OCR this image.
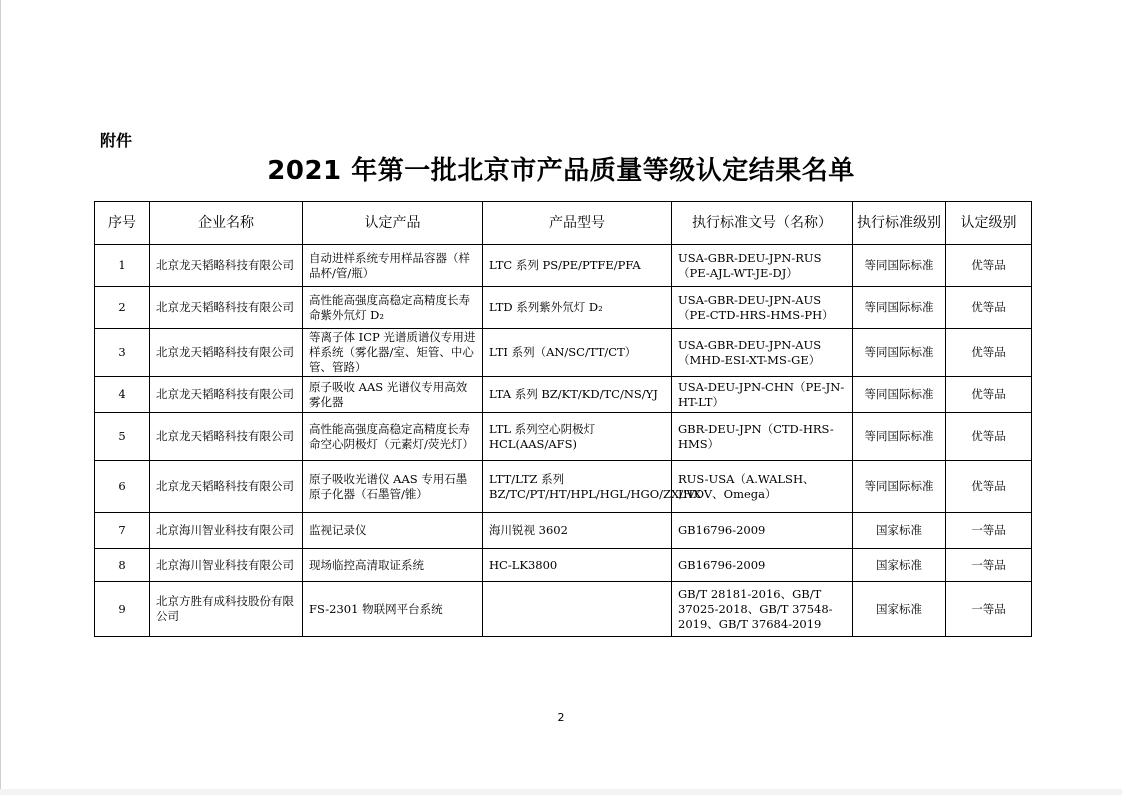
附件
2021 年第一批北京市产品质量等级认定结果名单
序号	企业名称	认定产品	产品型号	执行标准文号（名称）	执行标准级别	认定级别
1	北京龙天韬略科技有限公司	自动进样系统专用样品容器（样品杯/管/瓶）	LTC 系列 PS/PE/PTFE/PFA	USA-GBR-DEU-JPN-RUS（PE-AJL-WT-JE-DJ）	等同国际标准	优等品
2	北京龙天韬略科技有限公司	高性能高强度高稳定高精度长寿命紫外氘灯 D₂	LTD 系列紫外氘灯 D₂	USA-GBR-DEU-JPN-AUS（PE-CTD-HRS-HMS-PH）	等同国际标准	优等品
3	北京龙天韬略科技有限公司	等离子体 ICP 光谱质谱仪专用进样系统（雾化器/室、矩管、中心管、管路）	LTI 系列（AN/SC/TT/CT）	USA-GBR-DEU-JPN-AUS（MHD-ESI-XT-MS-GE）	等同国际标准	优等品
4	北京龙天韬略科技有限公司	原子吸收 AAS 光谱仪专用高效雾化器	LTA 系列 BZ/KT/KD/TC/NS/YJ	USA-DEU-JPN-CHN（PE-JN-HT-LT）	等同国际标准	优等品
5	北京龙天韬略科技有限公司	高性能高强度高稳定高精度长寿命空心阴极灯（元素灯/荧光灯）	LTL 系列空心阴极灯 HCL(AAS/AFS)	GBR-DEU-JPN（CTD-HRS-HMS）	等同国际标准	优等品
6	北京龙天韬略科技有限公司	原子吸收光谱仪 AAS 专用石墨原子化器（石墨管/锥）	LTT/LTZ 系列 BZ/TC/PT/HT/HPL/HGL/HGO/ZX/HX	RUS-USA（A.WALSH、L’VOV、Omega）	等同国际标准	优等品
7	北京海川智业科技有限公司	监视记录仪	海川锐视 3602	GB16796-2009	国家标准	一等品
8	北京海川智业科技有限公司	现场临控高清取证系统	HC-LK3800	GB16796-2009	国家标准	一等品
9	北京方胜有成科技股份有限公司	FS-2301 物联网平台系统		GB/T 28181-2016、GB/T 37025-2018、GB/T 37548-2019、GB/T 37684-2019	国家标准	一等品
2
